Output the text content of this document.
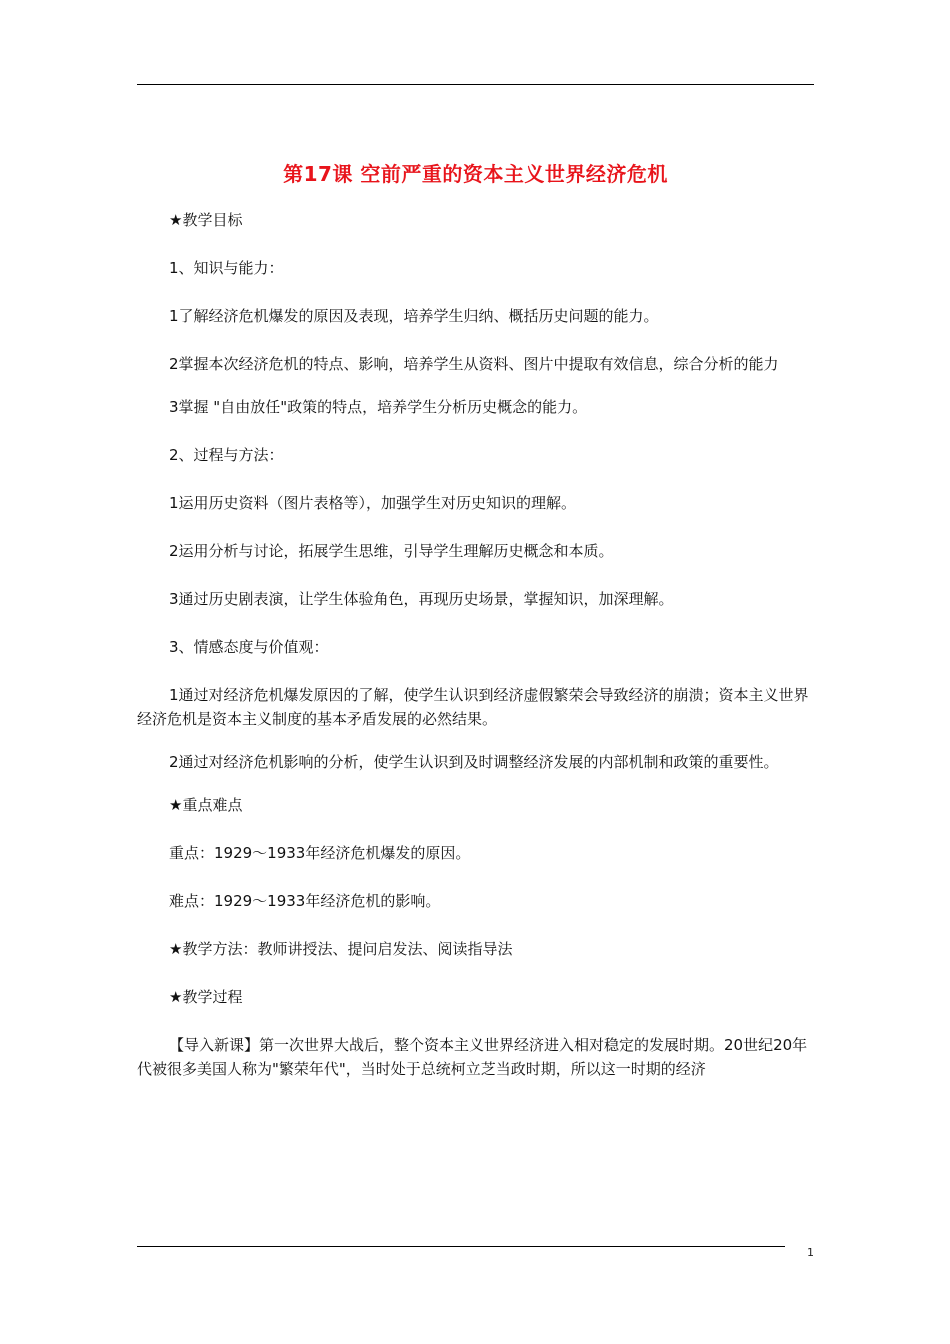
第17课 空前严重的资本主义世界经济危机

★教学目标

1、知识与能力：

1了解经济危机爆发的原因及表现，培养学生归纳、概括历史问题的能力。

2掌握本次经济危机的特点、影响，培养学生从资料、图片中提取有效信息，综合分析的能力

3掌握 "自由放任"政策的特点，培养学生分析历史概念的能力。

2、过程与方法：

1运用历史资料（图片表格等），加强学生对历史知识的理解。

2运用分析与讨论，拓展学生思维，引导学生理解历史概念和本质。

3通过历史剧表演，让学生体验角色，再现历史场景，掌握知识，加深理解。

3、情感态度与价值观：

1通过对经济危机爆发原因的了解，使学生认识到经济虚假繁荣会导致经济的崩溃；资本主义世界经济危机是资本主义制度的基本矛盾发展的必然结果。

2通过对经济危机影响的分析，使学生认识到及时调整经济发展的内部机制和政策的重要性。

★重点难点

重点：1929～1933年经济危机爆发的原因。

难点：1929～1933年经济危机的影响。

★教学方法：教师讲授法、提问启发法、阅读指导法

★教学过程

【导入新课】第一次世界大战后，整个资本主义世界经济进入相对稳定的发展时期。20世纪20年代被很多美国人称为"繁荣年代"，当时处于总统柯立芝当政时期，所以这一时期的经济

1
